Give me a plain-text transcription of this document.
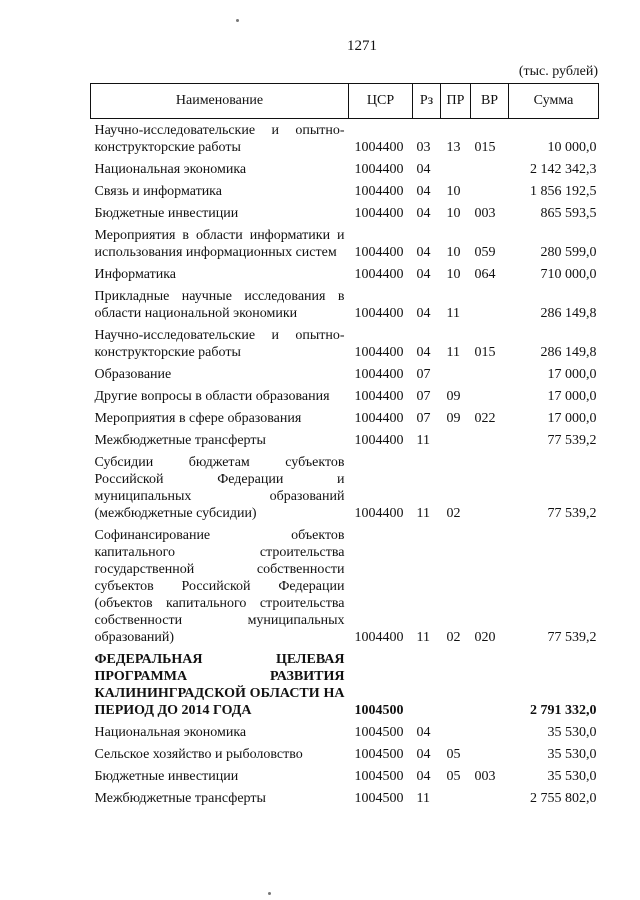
1271
(тыс. рублей)
Наименование	ЦСР	Рз	ПР	ВР	Сумма
Научно-исследовательские и опытно-конструкторские работы	1004400	03	13	015	10 000,0
Национальная экономика	1004400	04			2 142 342,3
Связь и информатика	1004400	04	10		1 856 192,5
Бюджетные инвестиции	1004400	04	10	003	865 593,5
Мероприятия в области информатики и использования информационных систем	1004400	04	10	059	280 599,0
Информатика	1004400	04	10	064	710 000,0
Прикладные научные исследования в области национальной экономики	1004400	04	11		286 149,8
Научно-исследовательские и опытно-конструкторские работы	1004400	04	11	015	286 149,8
Образование	1004400	07			17 000,0
Другие вопросы в области образования	1004400	07	09		17 000,0
Мероприятия в сфере образования	1004400	07	09	022	17 000,0
Межбюджетные трансферты	1004400	11			77 539,2
Субсидии бюджетам субъектов Российской Федерации и муниципальных образований (межбюджетные субсидии)	1004400	11	02		77 539,2
Софинансирование объектов капитального строительства государственной собственности субъектов Российской Федерации (объектов капитального строительства собственности муниципальных образований)	1004400	11	02	020	77 539,2
ФЕДЕРАЛЬНАЯ ЦЕЛЕВАЯ ПРОГРАММА РАЗВИТИЯ КАЛИНИНГРАДСКОЙ ОБЛАСТИ НА ПЕРИОД ДО 2014 ГОДА	1004500				2 791 332,0
Национальная экономика	1004500	04			35 530,0
Сельское хозяйство и рыболовство	1004500	04	05		35 530,0
Бюджетные инвестиции	1004500	04	05	003	35 530,0
Межбюджетные трансферты	1004500	11			2 755 802,0
